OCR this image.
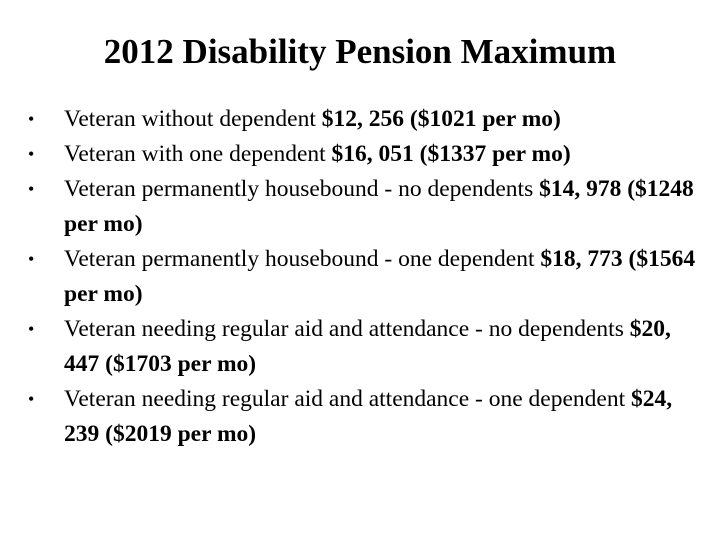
2012 Disability Pension Maximum
•	Veteran without dependent $12, 256 ($1021 per mo)
•	Veteran with one dependent $16, 051 ($1337 per mo)
•	Veteran permanently housebound - no dependents $14, 978 ($1248 per mo)
•	Veteran permanently housebound - one dependent $18, 773 ($1564 per mo)
•	Veteran needing regular aid and attendance - no dependents $20, 447 ($1703 per mo)
•	Veteran needing regular aid and attendance - one dependent $24, 239 ($2019 per mo)
